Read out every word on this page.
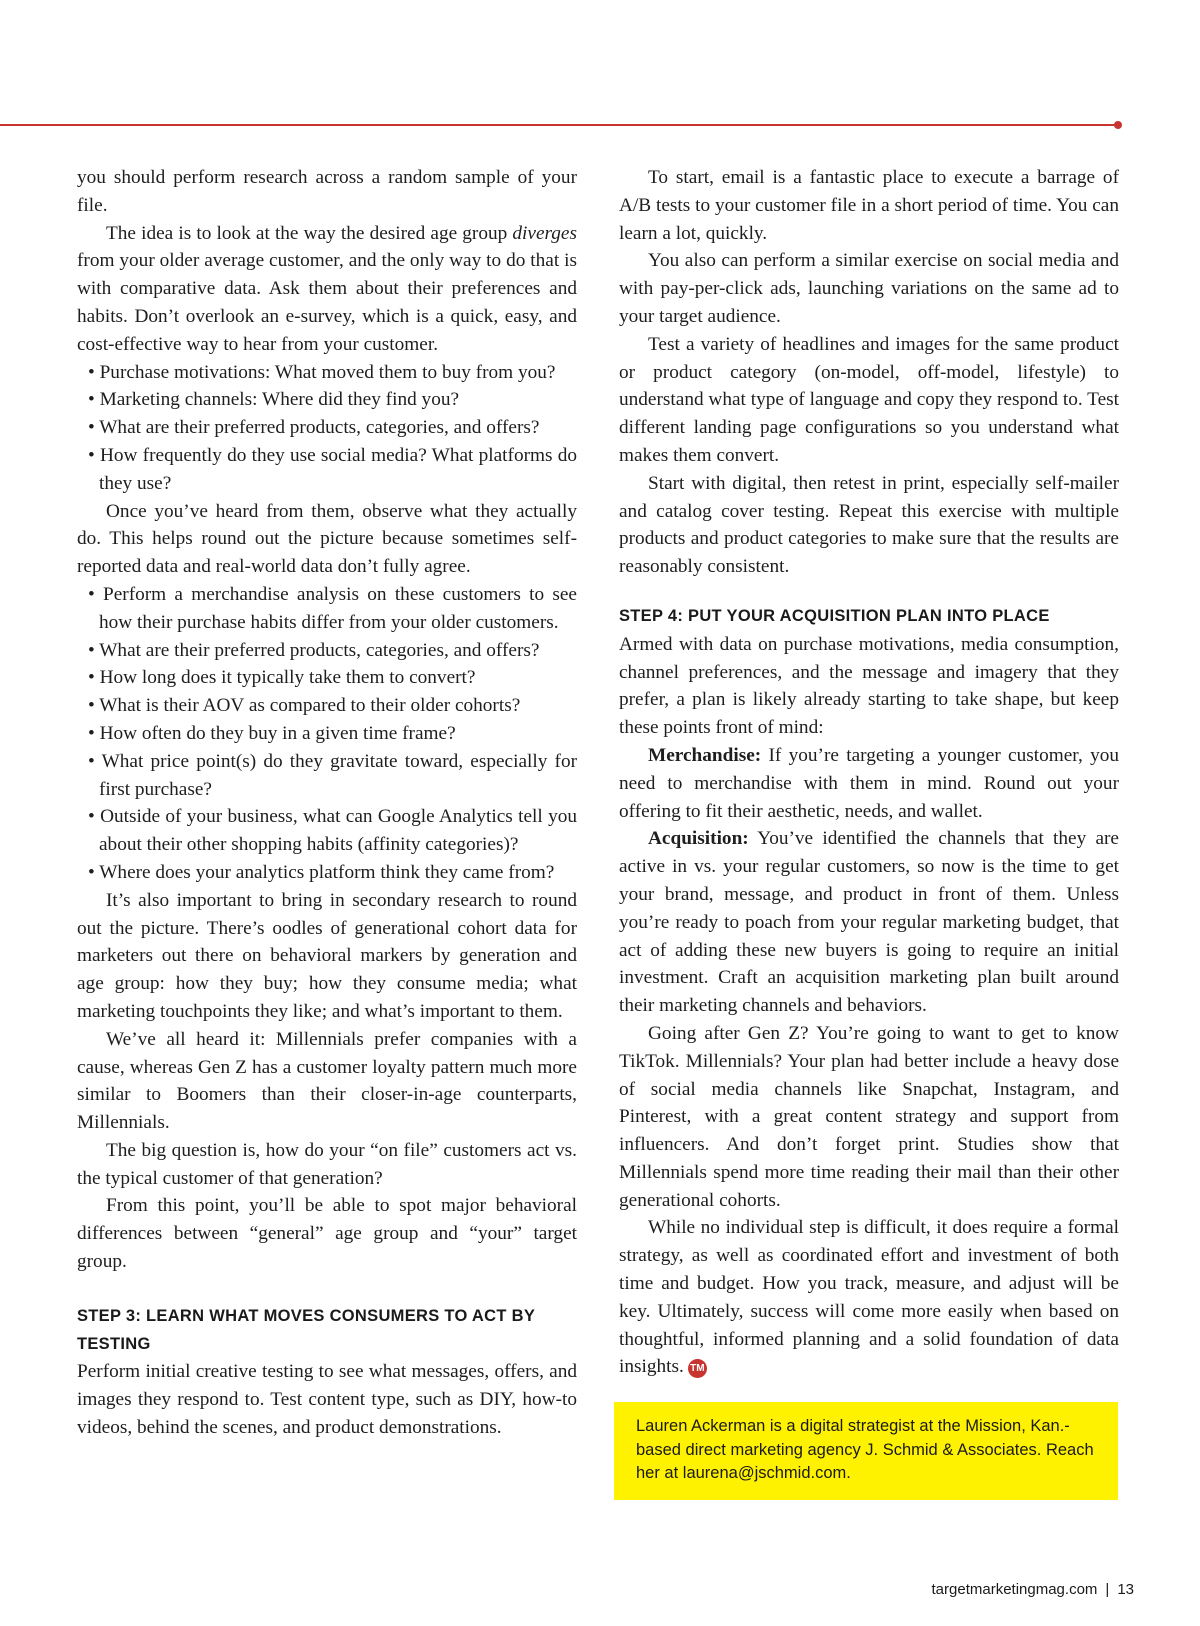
you should perform research across a random sample of your file.

The idea is to look at the way the desired age group diverges from your older average customer, and the only way to do that is with comparative data. Ask them about their preferences and habits. Don’t overlook an e-survey, which is a quick, easy, and cost-effective way to hear from your customer.

• Purchase motivations: What moved them to buy from you?
• Marketing channels: Where did they find you?
• What are their preferred products, categories, and offers?
• How frequently do they use social media? What platforms do they use?

Once you’ve heard from them, observe what they actually do. This helps round out the picture because sometimes self-reported data and real-world data don’t fully agree.

• Perform a merchandise analysis on these customers to see how their purchase habits differ from your older customers.
• What are their preferred products, categories, and offers?
• How long does it typically take them to convert?
• What is their AOV as compared to their older cohorts?
• How often do they buy in a given time frame?
• What price point(s) do they gravitate toward, especially for first purchase?
• Outside of your business, what can Google Analytics tell you about their other shopping habits (affinity categories)?
• Where does your analytics platform think they came from?

It’s also important to bring in secondary research to round out the picture. There’s oodles of generational cohort data for marketers out there on behavioral markers by generation and age group: how they buy; how they consume media; what marketing touchpoints they like; and what’s important to them.

We’ve all heard it: Millennials prefer companies with a cause, whereas Gen Z has a customer loyalty pattern much more similar to Boomers than their closer-in-age counterparts, Millennials.

The big question is, how do your “on file” customers act vs. the typical customer of that generation?

From this point, you’ll be able to spot major behavioral differences between “general” age group and “your” target group.

STEP 3: LEARN WHAT MOVES CONSUMERS TO ACT BY TESTING

Perform initial creative testing to see what messages, offers, and images they respond to. Test content type, such as DIY, how-to videos, behind the scenes, and product demonstrations.

To start, email is a fantastic place to execute a barrage of A/B tests to your customer file in a short period of time. You can learn a lot, quickly.

You also can perform a similar exercise on social media and with pay-per-click ads, launching variations on the same ad to your target audience.

Test a variety of headlines and images for the same product or product category (on-model, off-model, lifestyle) to understand what type of language and copy they respond to. Test different landing page configurations so you understand what makes them convert.

Start with digital, then retest in print, especially self-mailer and catalog cover testing. Repeat this exercise with multiple products and product categories to make sure that the results are reasonably consistent.

STEP 4: PUT YOUR ACQUISITION PLAN INTO PLACE

Armed with data on purchase motivations, media consumption, channel preferences, and the message and imagery that they prefer, a plan is likely already starting to take shape, but keep these points front of mind:

Merchandise: If you’re targeting a younger customer, you need to merchandise with them in mind. Round out your offering to fit their aesthetic, needs, and wallet.

Acquisition: You’ve identified the channels that they are active in vs. your regular customers, so now is the time to get your brand, message, and product in front of them. Unless you’re ready to poach from your regular marketing budget, that act of adding these new buyers is going to require an initial investment. Craft an acquisition marketing plan built around their marketing channels and behaviors.

Going after Gen Z? You’re going to want to get to know TikTok. Millennials? Your plan had better include a heavy dose of social media channels like Snapchat, Instagram, and Pinterest, with a great content strategy and support from influencers. And don’t forget print. Studies show that Millennials spend more time reading their mail than their other generational cohorts.

While no individual step is difficult, it does require a formal strategy, as well as coordinated effort and investment of both time and budget. How you track, measure, and adjust will be key. Ultimately, success will come more easily when based on thoughtful, informed planning and a solid foundation of data insights. TM

Lauren Ackerman is a digital strategist at the Mission, Kan.-based direct marketing agency J. Schmid & Associates. Reach her at laurena@jschmid.com.
targetmarketingmag.com | 13
